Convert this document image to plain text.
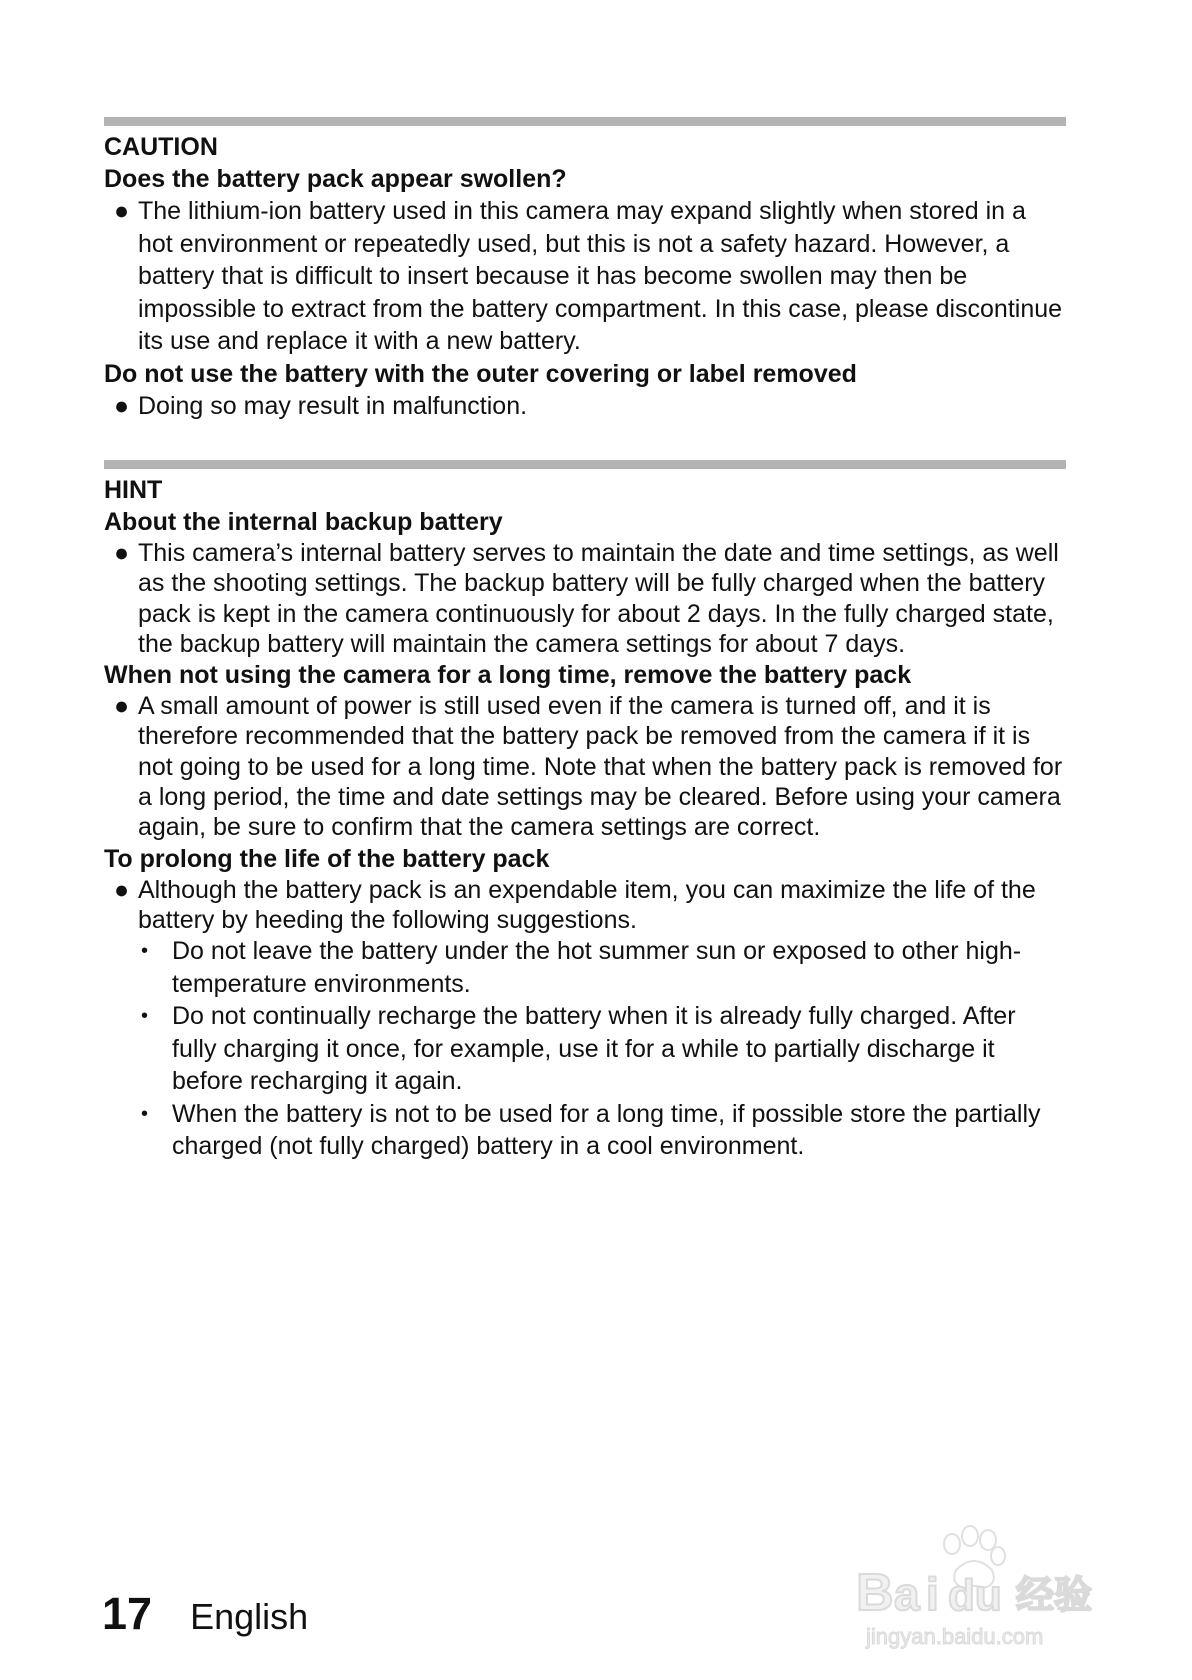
CAUTION
Does the battery pack appear swollen?
● The lithium-ion battery used in this camera may expand slightly when stored in a hot environment or repeatedly used, but this is not a safety hazard. However, a battery that is difficult to insert because it has become swollen may then be impossible to extract from the battery compartment. In this case, please discontinue its use and replace it with a new battery.
Do not use the battery with the outer covering or label removed
● Doing so may result in malfunction.
HINT
About the internal backup battery
● This camera’s internal battery serves to maintain the date and time settings, as well as the shooting settings. The backup battery will be fully charged when the battery pack is kept in the camera continuously for about 2 days. In the fully charged state, the backup battery will maintain the camera settings for about 7 days.
When not using the camera for a long time, remove the battery pack
● A small amount of power is still used even if the camera is turned off, and it is therefore recommended that the battery pack be removed from the camera if it is not going to be used for a long time. Note that when the battery pack is removed for a long period, the time and date settings may be cleared. Before using your camera again, be sure to confirm that the camera settings are correct.
To prolong the life of the battery pack
● Although the battery pack is an expendable item, you can maximize the life of the battery by heeding the following suggestions.
• Do not leave the battery under the hot summer sun or exposed to other high-temperature environments.
• Do not continually recharge the battery when it is already fully charged. After fully charging it once, for example, use it for a while to partially discharge it before recharging it again.
• When the battery is not to be used for a long time, if possible store the partially charged (not fully charged) battery in a cool environment.
17 English	B a i du 经验
jingyan.baidu.com
